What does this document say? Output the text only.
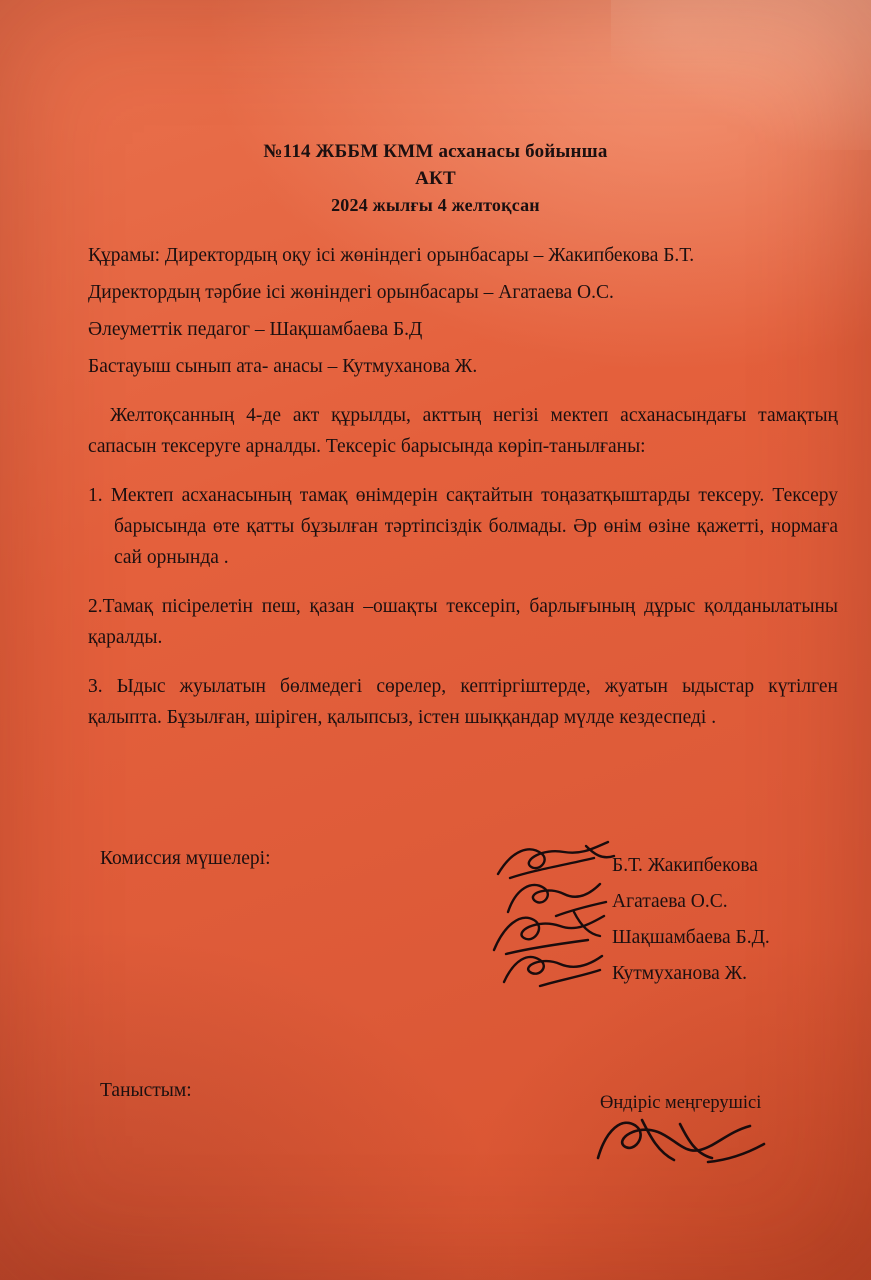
№114 ЖББМ КММ асханасы бойынша
АКТ
2024 жылғы 4 желтоқсан

Құрамы: Директордың оқу ісі жөніндегі орынбасары – Жакипбекова Б.Т.

Директордың тәрбие ісі жөніндегі орынбасары – Агатаева О.С.

Әлеуметтік педагог – Шақшамбаева Б.Д

Бастауыш сынып ата- анасы – Кутмуханова Ж.

Желтоқсанның 4-де акт құрылды, акттың негізі мектеп асханасындағы тамақтың сапасын тексеруге арналды. Тексеріс барысында көріп-танылғаны:

1. Мектеп асханасының тамақ өнімдерін сақтайтын тоңазатқыштарды тексеру. Тексеру барысында өте қатты бұзылған тәртіпсіздік болмады. Әр өнім өзіне қажетті, нормаға сай орнында .

2.Тамақ пісірелетін пеш, қазан –ошақты тексеріп, барлығының дұрыс қолданылатыны қаралды.

3. Ыдыс жуылатын бөлмедегі сөрелер, кептіргіштерде, жуатын ыдыстар күтілген қалыпта. Бұзылған, шіріген, қалыпсыз, істен шыққандар мүлде кездеспеді .

Комиссия мүшелері:	Б.Т. Жакипбекова
Агатаева О.С.
Шақшамбаева Б.Д.
Кутмуханова Ж.
Таныстым:
Өндіріс меңгерушісі
